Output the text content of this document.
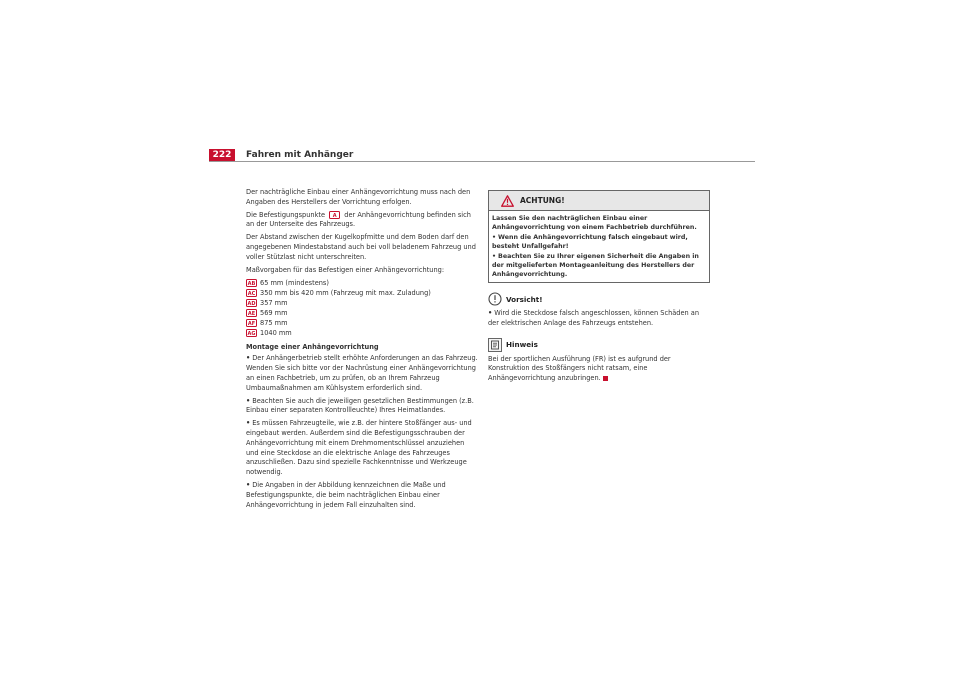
222	Fahren mit Anhänger

Der nachträgliche Einbau einer Anhängevorrichtung muss nach den Angaben des Herstellers der Vorrichtung erfolgen.

Die Befestigungspunkte A der Anhängevorrichtung befinden sich an der Unterseite des Fahrzeugs.

Der Abstand zwischen der Kugelkopfmitte und dem Boden darf den angegebenen Mindestabstand auch bei voll beladenem Fahrzeug und voller Stützlast nicht unterschreiten.

Maßvorgaben für das Befestigen einer Anhängevorrichtung:

AB 65 mm (mindestens)
AC 350 mm bis 420 mm (Fahrzeug mit max. Zuladung)
AD 357 mm
AE 569 mm
AF 875 mm
AG 1040 mm
Montage einer Anhängevorrichtung

• Der Anhängerbetrieb stellt erhöhte Anforderungen an das Fahrzeug. Wenden Sie sich bitte vor der Nachrüstung einer Anhängevorrichtung an einen Fachbetrieb, um zu prüfen, ob an Ihrem Fahrzeug Umbaumaßnahmen am Kühlsystem erforderlich sind.

• Beachten Sie auch die jeweiligen gesetzlichen Bestimmungen (z.B. Einbau einer separaten Kontrollleuchte) Ihres Heimatlandes.

• Es müssen Fahrzeugteile, wie z.B. der hintere Stoßfänger aus- und eingebaut werden. Außerdem sind die Befestigungsschrauben der Anhängevorrichtung mit einem Drehmomentschlüssel anzuziehen und eine Steckdose an die elektrische Anlage des Fahrzeuges anzuschließen. Dazu sind spezielle Fachkenntnisse und Werkzeuge notwendig.

• Die Angaben in der Abbildung kennzeichnen die Maße und Befestigungspunkte, die beim nachträglichen Einbau einer Anhängevorrichtung in jedem Fall einzuhalten sind.

ACHTUNG!

Lassen Sie den nachträglichen Einbau einer Anhängevorrichtung von einem Fachbetrieb durchführen.

• Wenn die Anhängevorrichtung falsch eingebaut wird, besteht Unfallgefahr!

• Beachten Sie zu Ihrer eigenen Sicherheit die Angaben in der mitgelieferten Montageanleitung des Herstellers der Anhängevorrichtung.

Vorsicht!

• Wird die Steckdose falsch angeschlossen, können Schäden an der elektrischen Anlage des Fahrzeugs entstehen.

Hinweis

Bei der sportlichen Ausführung (FR) ist es aufgrund der Konstruktion des Stoßfängers nicht ratsam, eine Anhängevorrichtung anzubringen.
